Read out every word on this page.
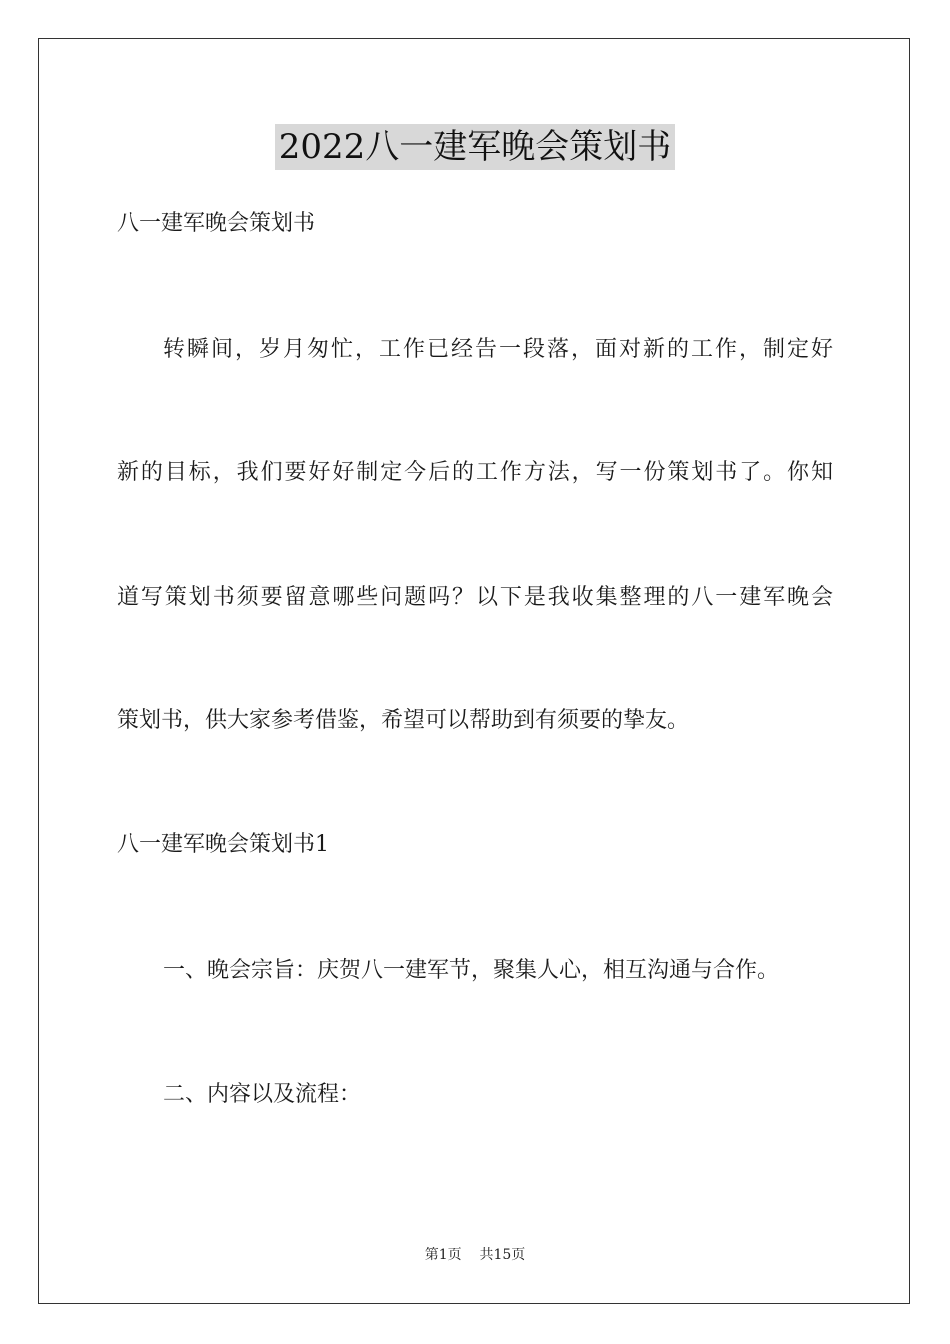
2022八一建军晚会策划书
八一建军晚会策划书
转瞬间，岁月匆忙，工作已经告一段落，面对新的工作，制定好
新的目标，我们要好好制定今后的工作方法，写一份策划书了。你知
道写策划书须要留意哪些问题吗？以下是我收集整理的八一建军晚会
策划书，供大家参考借鉴，希望可以帮助到有须要的挚友。
八一建军晚会策划书1
一、晚会宗旨：庆贺八一建军节，聚集人心，相互沟通与合作。
二、内容以及流程：
第1页 共15页
